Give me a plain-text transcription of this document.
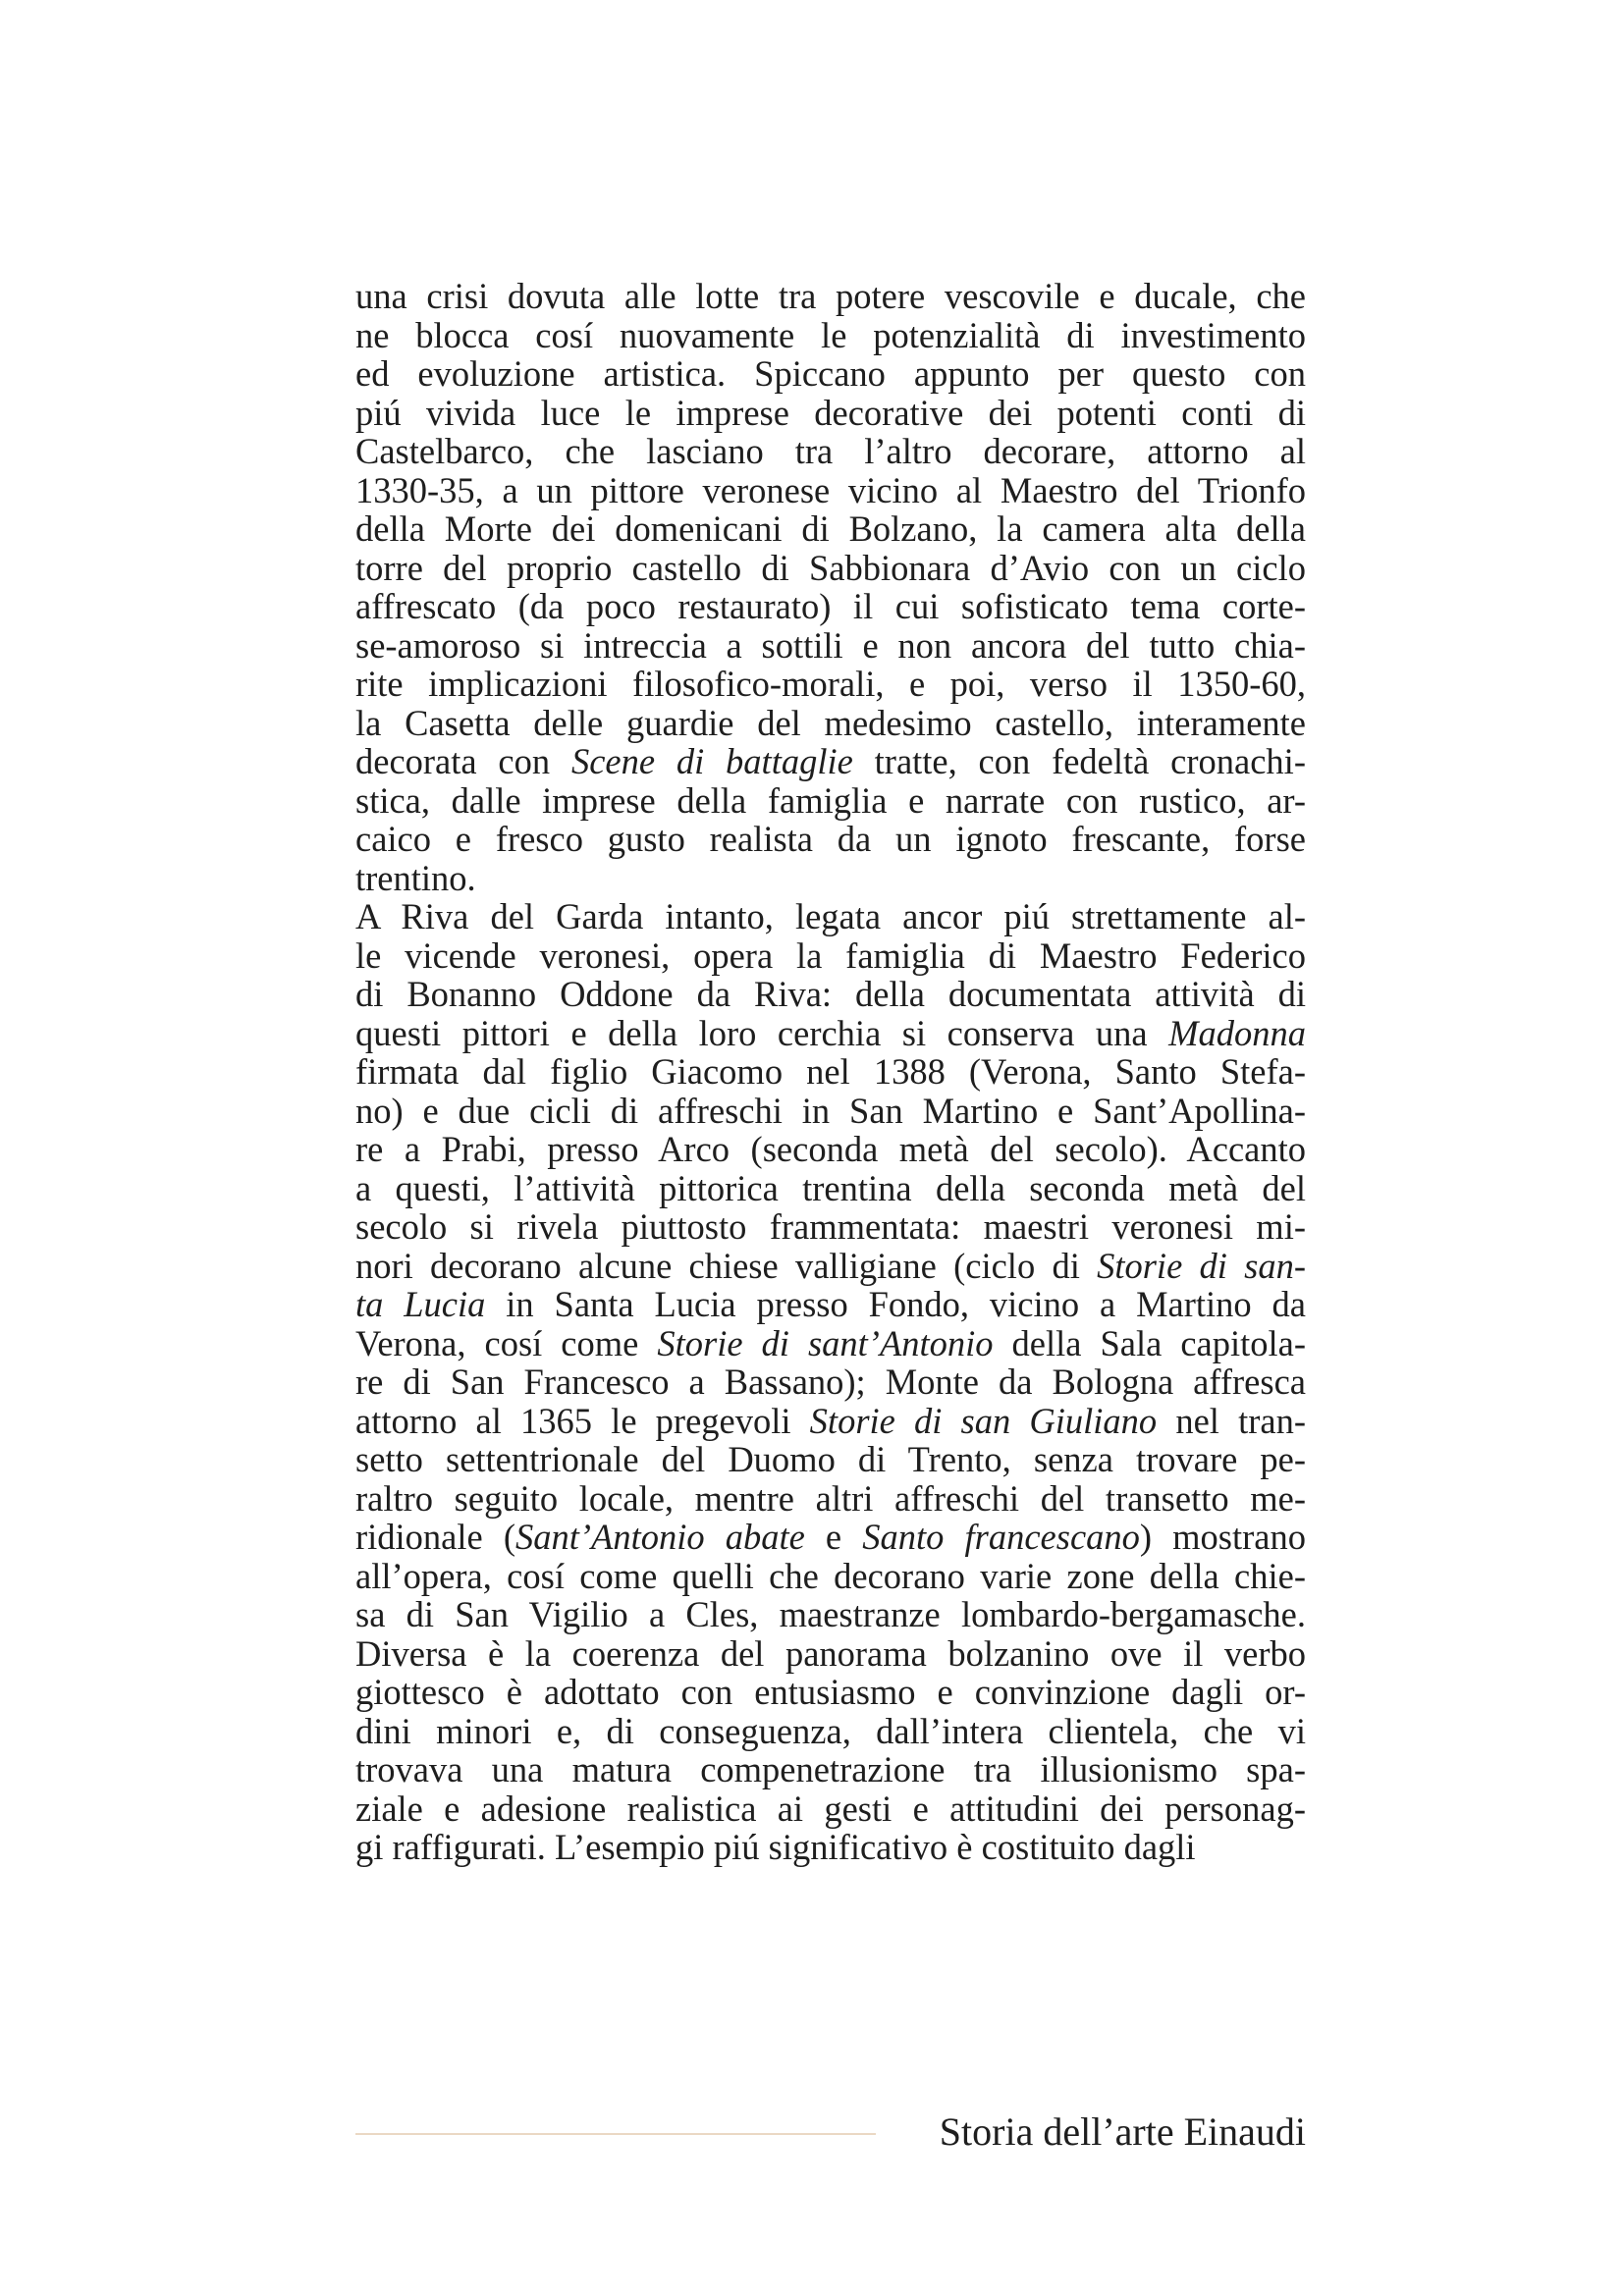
una crisi dovuta alle lotte tra potere vescovile e ducale, che
ne blocca cosí nuovamente le potenzialità di investimento
ed evoluzione artistica. Spiccano appunto per questo con
piú vivida luce le imprese decorative dei potenti conti di
Castelbarco, che lasciano tra l’altro decorare, attorno al
1330-35, a un pittore veronese vicino al Maestro del Trionfo
della Morte dei domenicani di Bolzano, la camera alta della
torre del proprio castello di Sabbionara d’Avio con un ciclo
affrescato (da poco restaurato) il cui sofisticato tema corte-
se-amoroso si intreccia a sottili e non ancora del tutto chia-
rite implicazioni filosofico-morali, e poi, verso il 1350-60,
la Casetta delle guardie del medesimo castello, interamente
decorata con Scene di battaglie tratte, con fedeltà cronachi-
stica, dalle imprese della famiglia e narrate con rustico, ar-
caico e fresco gusto realista da un ignoto frescante, forse
trentino.
A Riva del Garda intanto, legata ancor piú strettamente al-
le vicende veronesi, opera la famiglia di Maestro Federico
di Bonanno Oddone da Riva: della documentata attività di
questi pittori e della loro cerchia si conserva una Madonna
firmata dal figlio Giacomo nel 1388 (Verona, Santo Stefa-
no) e due cicli di affreschi in San Martino e Sant’Apollina-
re a Prabi, presso Arco (seconda metà del secolo). Accanto
a questi, l’attività pittorica trentina della seconda metà del
secolo si rivela piuttosto frammentata: maestri veronesi mi-
nori decorano alcune chiese valligiane (ciclo di Storie di san-
ta Lucia in Santa Lucia presso Fondo, vicino a Martino da
Verona, cosí come Storie di sant’Antonio della Sala capitola-
re di San Francesco a Bassano); Monte da Bologna affresca
attorno al 1365 le pregevoli Storie di san Giuliano nel tran-
setto settentrionale del Duomo di Trento, senza trovare pe-
raltro seguito locale, mentre altri affreschi del transetto me-
ridionale (Sant’Antonio abate e Santo francescano) mostrano
all’opera, cosí come quelli che decorano varie zone della chie-
sa di San Vigilio a Cles, maestranze lombardo-bergamasche.
Diversa è la coerenza del panorama bolzanino ove il verbo
giottesco è adottato con entusiasmo e convinzione dagli or-
dini minori e, di conseguenza, dall’intera clientela, che vi
trovava una matura compenetrazione tra illusionismo spa-
ziale e adesione realistica ai gesti e attitudini dei personag-
gi raffigurati. L’esempio piú significativo è costituito dagli
Storia dell’arte Einaudi
